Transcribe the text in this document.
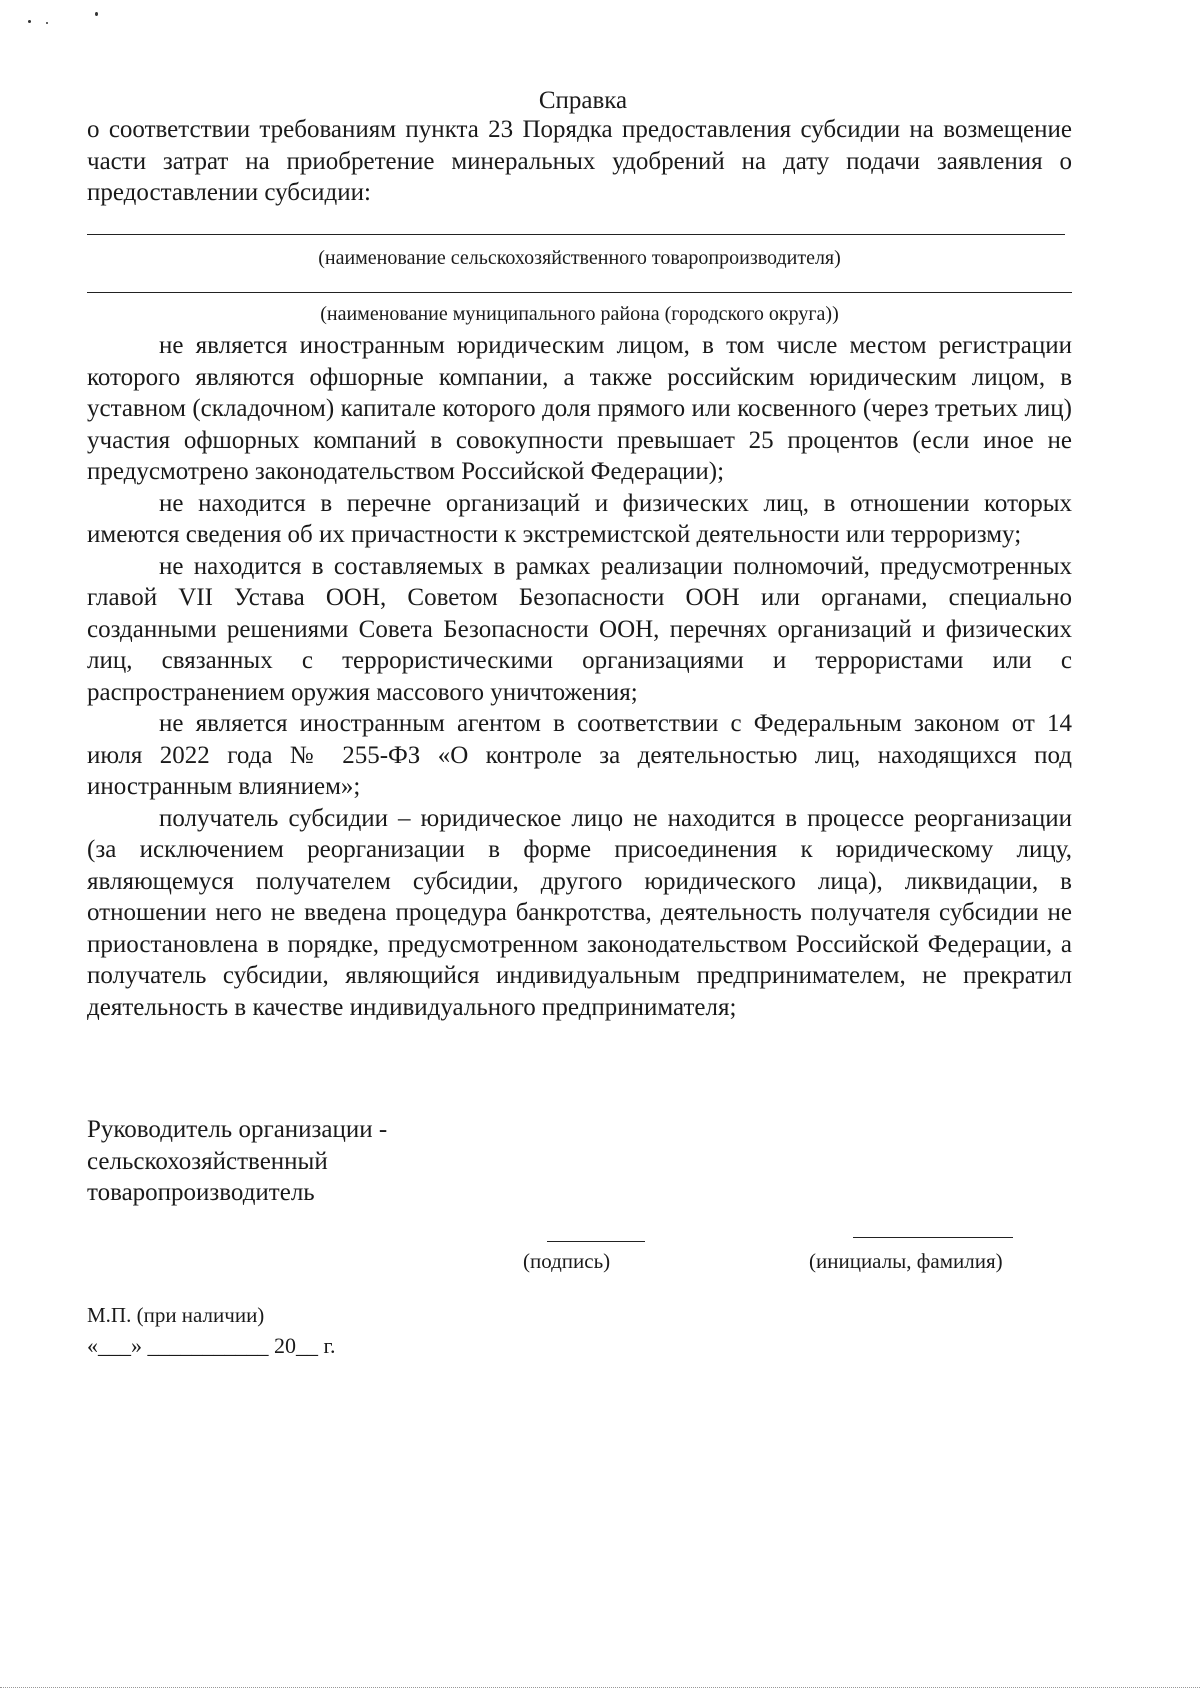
Справка

о соответствии требованиям пункта 23 Порядка предоставления субсидии на возмещение части затрат на приобретение минеральных удобрений на дату подачи заявления о предоставлении субсидии:

(наименование сельскохозяйственного товаропроизводителя)
(наименование муниципального района (городского округа))

не является иностранным юридическим лицом, в том числе местом регистрации которого являются офшорные компании, а также российским юридическим лицом, в уставном (складочном) капитале которого доля прямого или косвенного (через третьих лиц) участия офшорных компаний в совокупности превышает 25 процентов (если иное не предусмотрено законодательством Российской Федерации);

не находится в перечне организаций и физических лиц, в отношении которых имеются сведения об их причастности к экстремистской деятельности или терроризму;

не находится в составляемых в рамках реализации полномочий, предусмотренных главой VII Устава ООН, Советом Безопасности ООН или органами, специально созданными решениями Совета Безопасности ООН, перечнях организаций и физических лиц, связанных с террористическими организациями и террористами или с распространением оружия массового уничтожения;

не является иностранным агентом в соответствии с Федеральным законом от 14 июля 2022 года № 255-ФЗ «О контроле за деятельностью лиц, находящихся под иностранным влиянием»;

получатель субсидии – юридическое лицо не находится в процессе реорганизации (за исключением реорганизации в форме присоединения к юридическому лицу, являющемуся получателем субсидии, другого юридического лица), ликвидации, в отношении него не введена процедура банкротства, деятельность получателя субсидии не приостановлена в порядке, предусмотренном законодательством Российской Федерации, а получатель субсидии, являющийся индивидуальным предпринимателем, не прекратил деятельность в качестве индивидуального предпринимателя;

Руководитель организации -
сельскохозяйственный
товаропроизводитель
(подпись)	(инициалы, фамилия)
М.П. (при наличии)
«___» ___________ 20__ г.
